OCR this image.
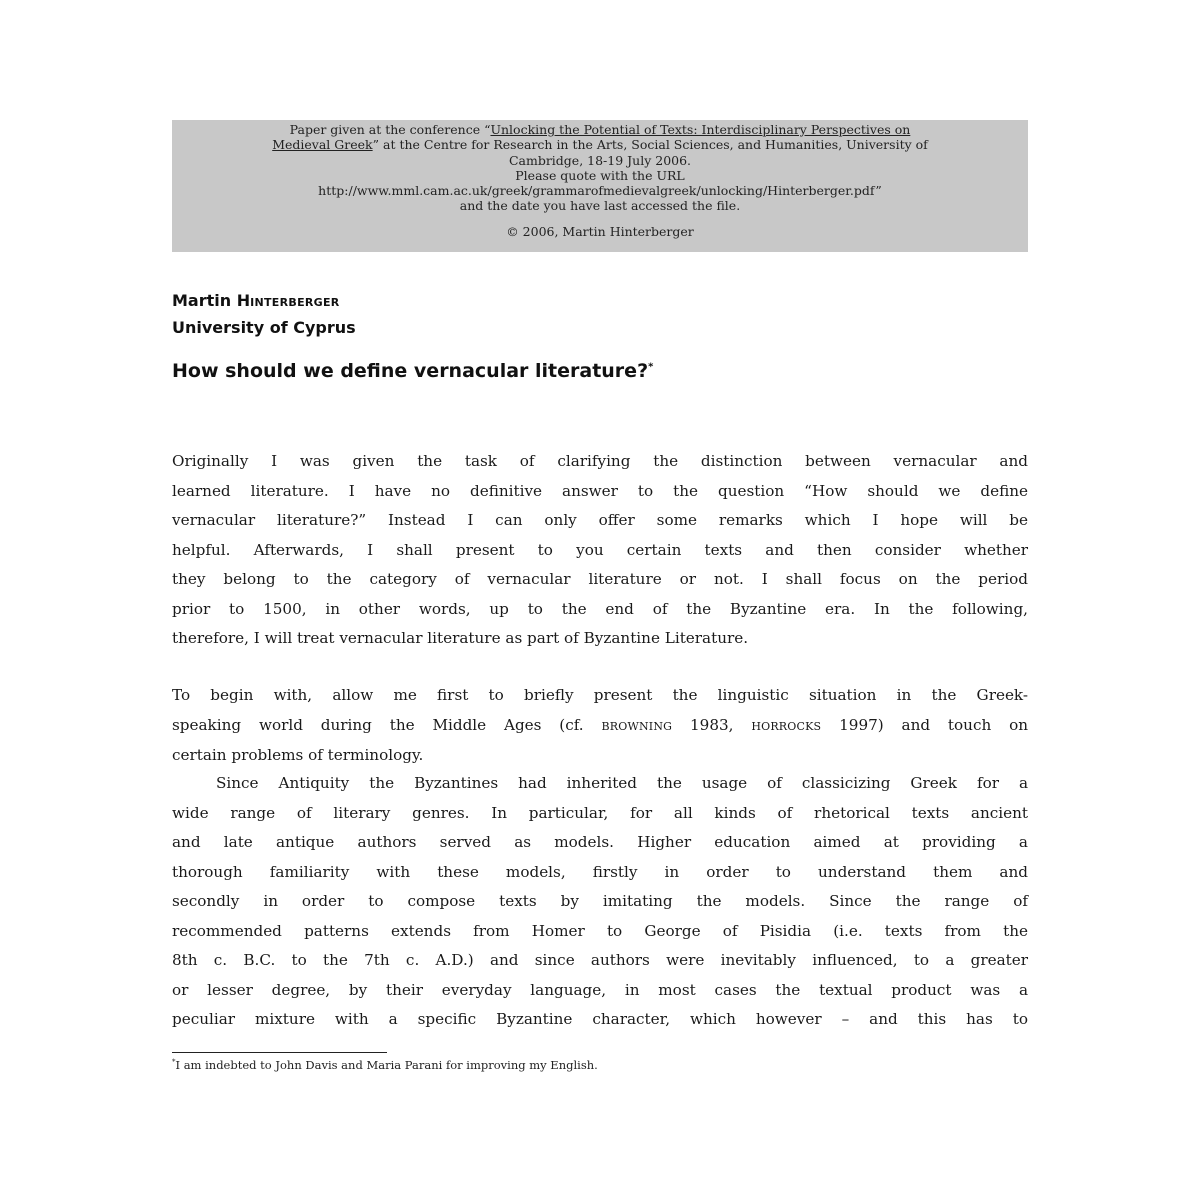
Paper given at the conference “Unlocking the Potential of Texts: Interdisciplinary Perspectives on
Medieval Greek” at the Centre for Research in the Arts, Social Sciences, and Humanities, University of
Cambridge, 18-19 July 2006.
Please quote with the URL
http://www.mml.cam.ac.uk/greek/grammarofmedievalgreek/unlocking/Hinterberger.pdf”
and the date you have last accessed the file.
© 2006, Martin Hinterberger
Martin HINTERBERGER
University of Cyprus
How should we define vernacular literature?*
Originally I was given the task of clarifying the distinction between vernacular and
learned literature. I have no definitive answer to the question “How should we define
vernacular literature?” Instead I can only offer some remarks which I hope will be
helpful. Afterwards, I shall present to you certain texts and then consider whether
they belong to the category of vernacular literature or not. I shall focus on the period
prior to 1500, in other words, up to the end of the Byzantine era. In the following,
therefore, I will treat vernacular literature as part of Byzantine Literature.
To begin with, allow me first to briefly present the linguistic situation in the Greek-
speaking world during the Middle Ages (cf. BROWNING 1983, HORROCKS 1997) and touch on
certain problems of terminology.
Since Antiquity the Byzantines had inherited the usage of classicizing Greek for a
wide range of literary genres. In particular, for all kinds of rhetorical texts ancient
and late antique authors served as models. Higher education aimed at providing a
thorough familiarity with these models, firstly in order to understand them and
secondly in order to compose texts by imitating the models. Since the range of
recommended patterns extends from Homer to George of Pisidia (i.e. texts from the
8th c. B.C. to the 7th c. A.D.) and since authors were inevitably influenced, to a greater
or lesser degree, by their everyday language, in most cases the textual product was a
peculiar mixture with a specific Byzantine character, which however – and this has to
*I am indebted to John Davis and Maria Parani for improving my English.
